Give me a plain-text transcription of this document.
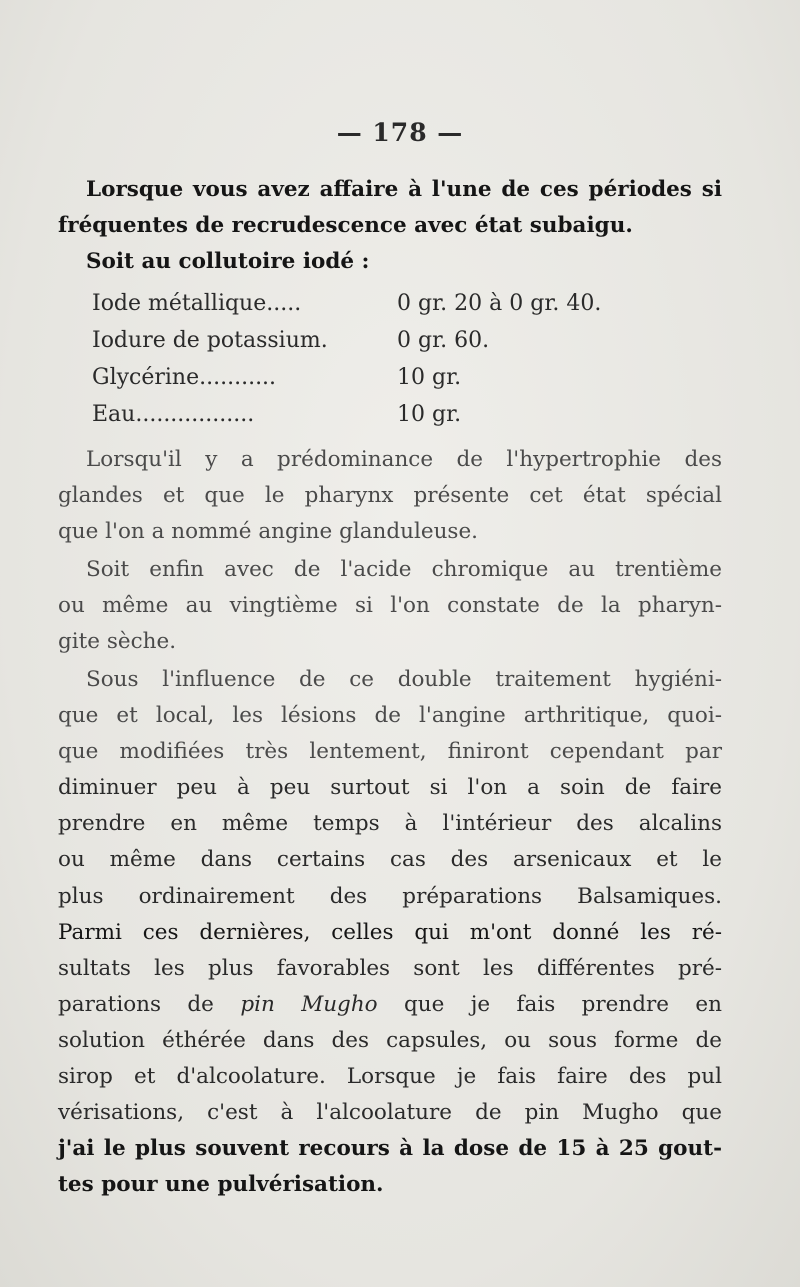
— 178 —
Lorsque vous avez affaire à l'une de ces périodes si
fréquentes de recrudescence avec état subaigu.
Soit au collutoire iodé :
Iode métallique.....	0 gr. 20 à 0 gr. 40.
Iodure de potassium.	0 gr. 60.
Glycérine...........	10 gr.
Eau.................	10 gr.
Lorsqu'il y a prédominance de l'hypertrophie des
glandes et que le pharynx présente cet état spécial
que l'on a nommé angine glanduleuse.
Soit enfin avec de l'acide chromique au trentième
ou même au vingtième si l'on constate de la pharyn-
gite sèche.
Sous l'influence de ce double traitement hygiéni-
que et local, les lésions de l'angine arthritique, quoi-
que modifiées très lentement, finiront cependant par
diminuer peu à peu surtout si l'on a soin de faire
prendre en même temps à l'intérieur des alcalins
ou même dans certains cas des arsenicaux et le
plus ordinairement des préparations Balsamiques.
Parmi ces dernières, celles qui m'ont donné les ré-
sultats les plus favorables sont les différentes pré-
parations de pin Mugho que je fais prendre en
solution éthérée dans des capsules, ou sous forme de
sirop et d'alcoolature. Lorsque je fais faire des pul
vérisations, c'est à l'alcoolature de pin Mugho que
j'ai le plus souvent recours à la dose de 15 à 25 gout-
tes pour une pulvérisation.
